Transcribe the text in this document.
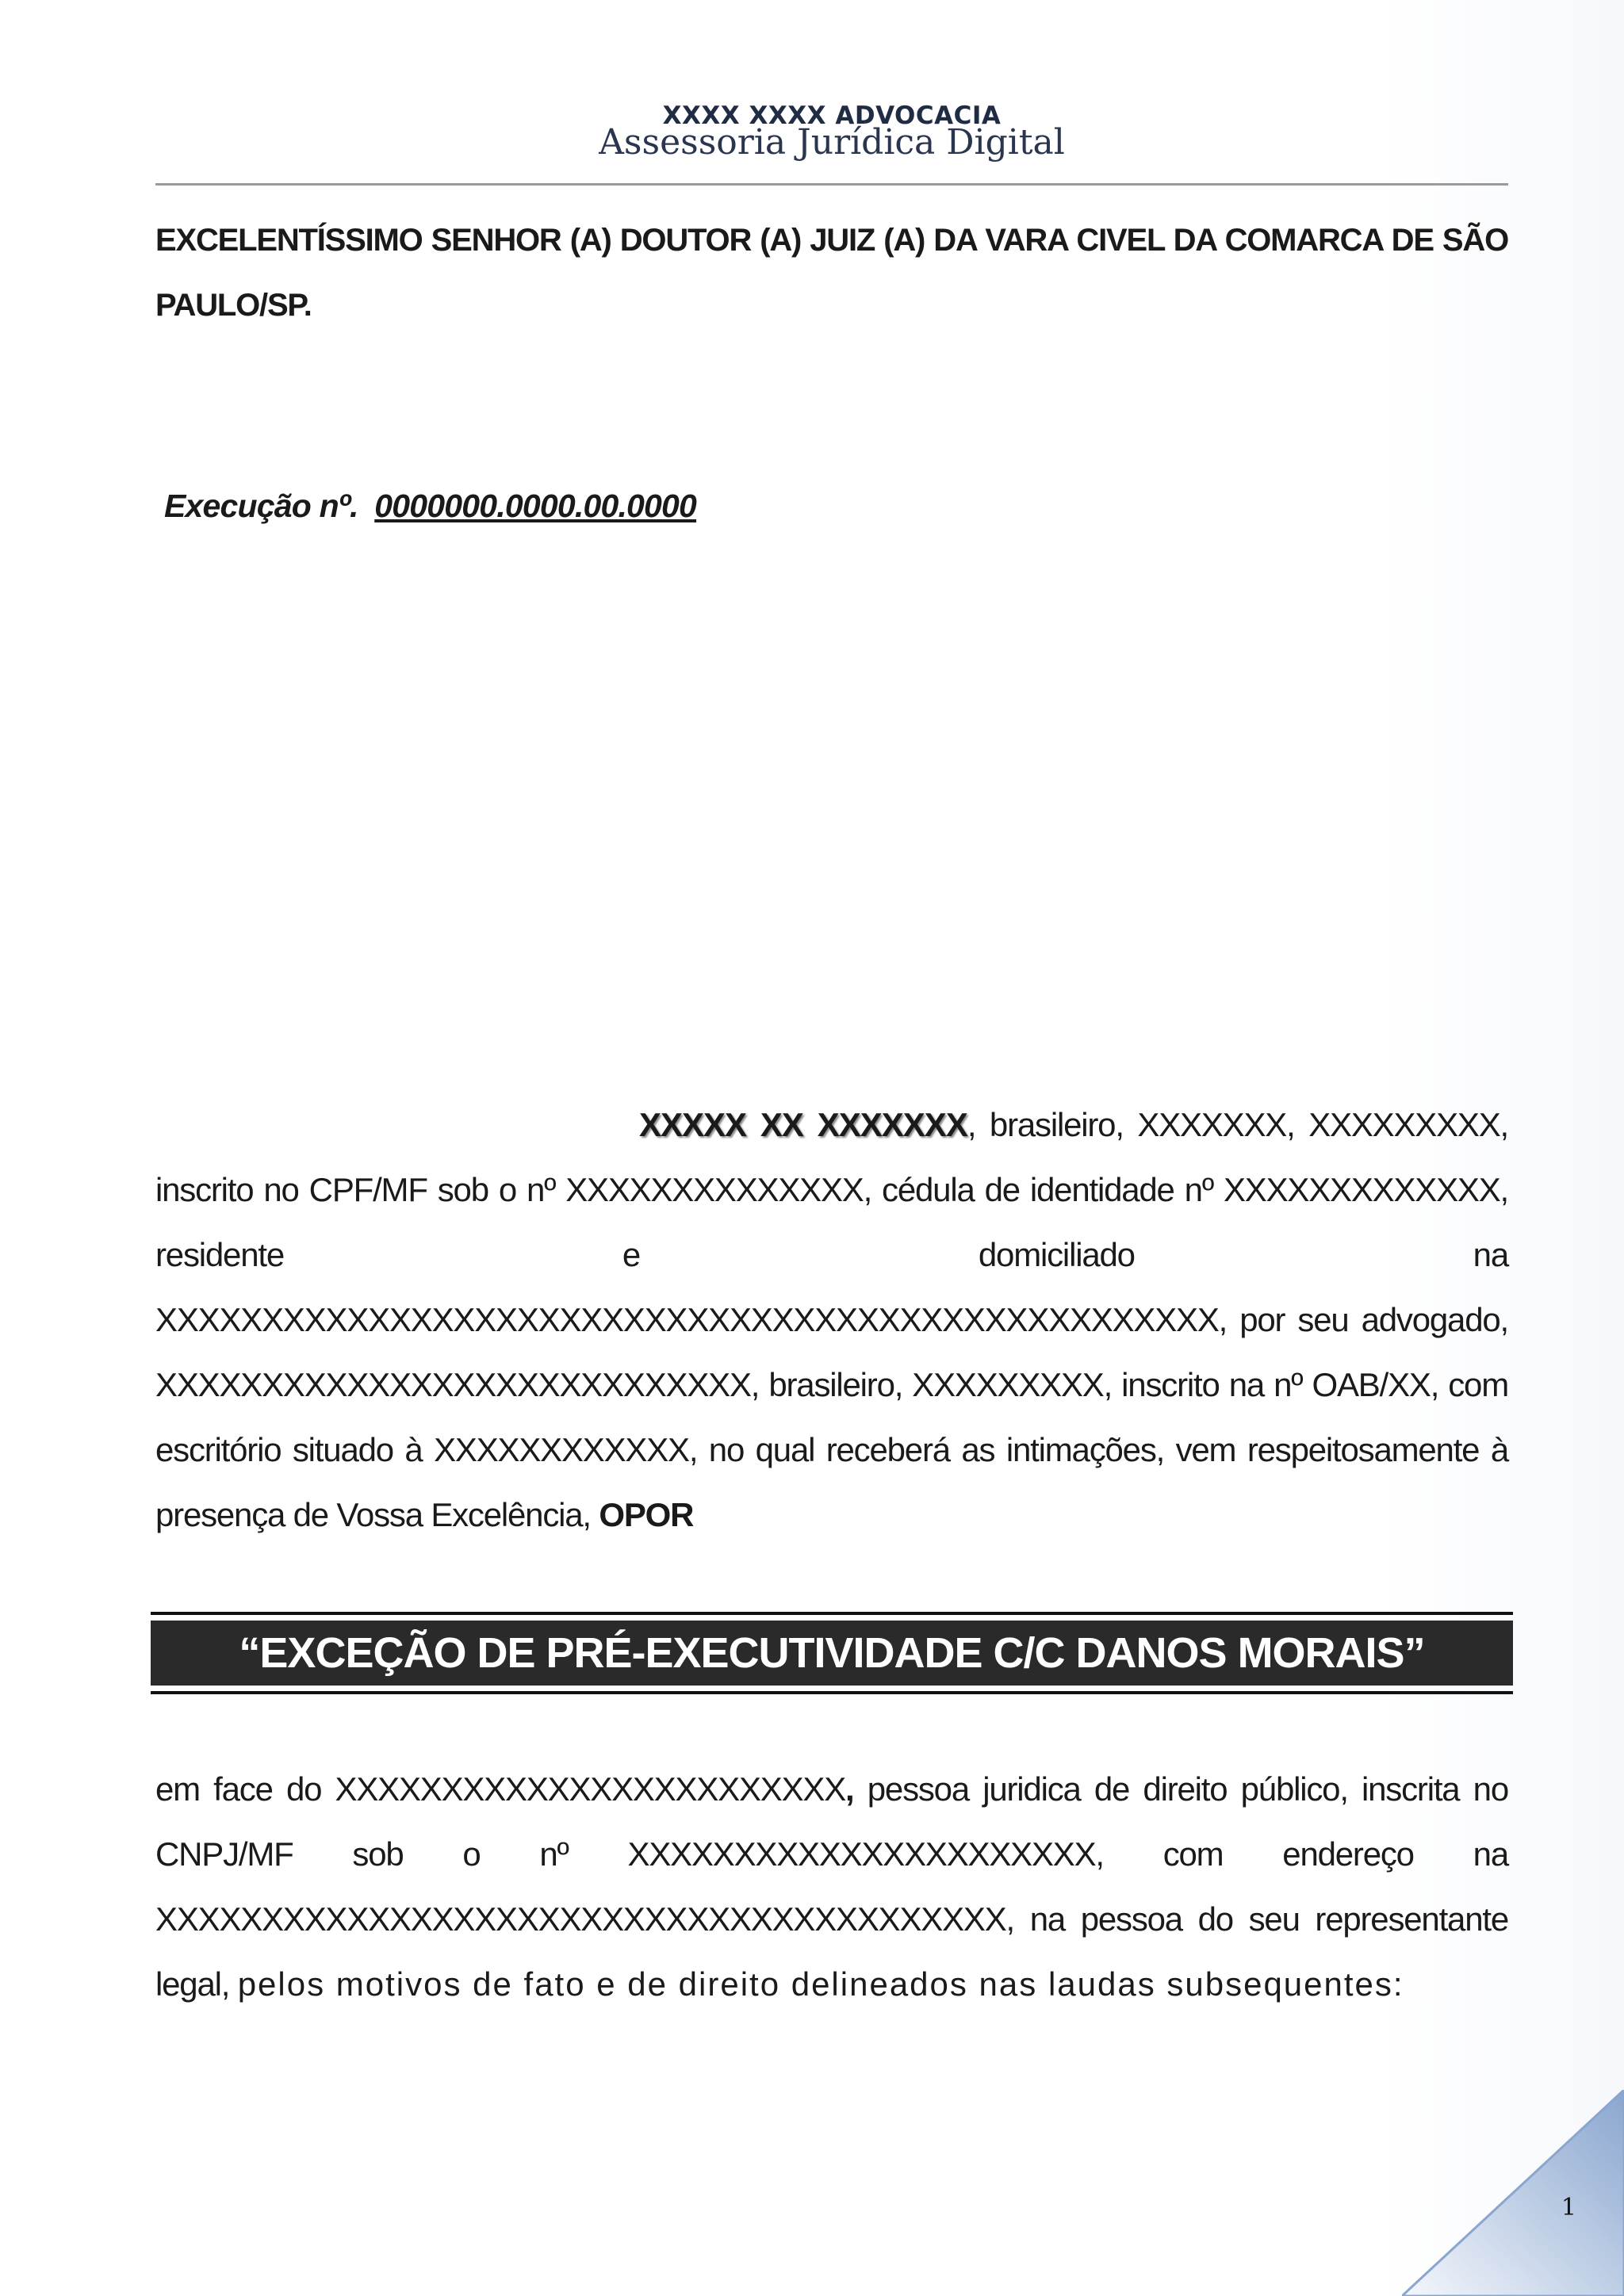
XXXX XXXX ADVOCACIA
Assessoria Jurídica Digital
EXCELENTÍSSIMO SENHOR (A) DOUTOR (A) JUIZ (A) DA VARA CIVEL DA COMARCA DE SÃO PAULO/SP.
Execução nº. 0000000.0000.00.0000
XXXXX XX XXXXXXX, brasileiro, XXXXXXX, XXXXXXXXX, inscrito no CPF/MF sob o nº XXXXXXXXXXXXXX, cédula de identidade nº XXXXXXXXXXXXX, residente e domiciliado na XXXXXXXXXXXXXXXXXXXXXXXXXXXXXXXXXXXXXXXXXXXXXXXXXX, por seu advogado, XXXXXXXXXXXXXXXXXXXXXXXXXXXX, brasileiro, XXXXXXXXX, inscrito na nº OAB/XX, com escritório situado à XXXXXXXXXXXX, no qual receberá as intimações, vem respeitosamente à presença de Vossa Excelência, OPOR
“EXCEÇÃO DE PRÉ-EXECUTIVIDADE C/C DANOS MORAIS”
em face do XXXXXXXXXXXXXXXXXXXXXXXX, pessoa juridica de direito público, inscrita no CNPJ/MF sob o nº XXXXXXXXXXXXXXXXXXXXXX, com endereço na XXXXXXXXXXXXXXXXXXXXXXXXXXXXXXXXXXXXXXXX, na pessoa do seu representante legal, pelos motivos de fato e de direito delineados nas laudas subsequentes:
1
